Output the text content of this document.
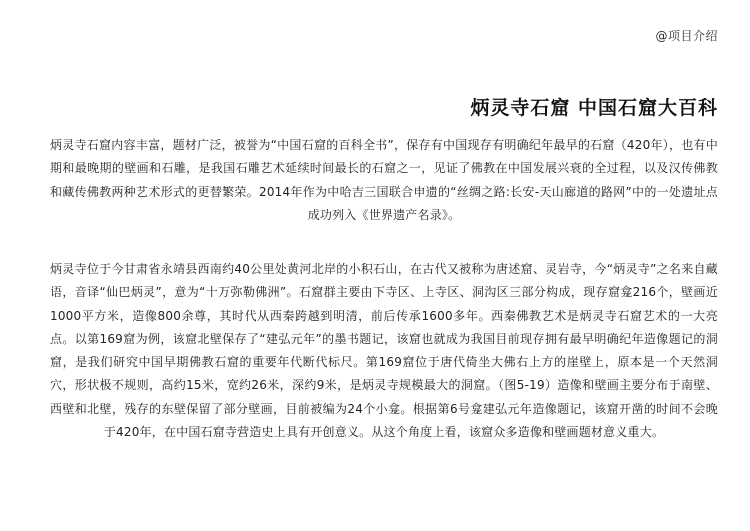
@项目介绍
炳灵寺石窟 中国石窟大百科

炳灵寺石窟内容丰富，题材广泛，被誉为“中国石窟的百科全书”，保存有中国现存有明确纪年最早的石窟（420年），也有中期和最晚期的壁画和石雕，是我国石雕艺术延续时间最长的石窟之一，见证了佛教在中国发展兴衰的全过程，以及汉传佛教和藏传佛教两种艺术形式的更替繁荣。2014年作为中哈吉三国联合申遗的“丝绸之路:长安-天山廊道的路网”中的一处遗址点成功列入《世界遗产名录》。

炳灵寺位于今甘肃省永靖县西南约40公里处黄河北岸的小积石山，在古代又被称为唐述窟、灵岩寺，今“炳灵寺”之名来自藏语，音译“仙巴炳灵”，意为“十万弥勒佛洲”。石窟群主要由下寺区、上寺区、洞沟区三部分构成，现存窟龛216个，壁画近1000平方米，造像800余尊，其时代从西秦跨越到明清，前后传承1600多年。西秦佛教艺术是炳灵寺石窟艺术的一大亮点。以第169窟为例，该窟北壁保存了“建弘元年”的墨书题记，该窟也就成为我国目前现存拥有最早明确纪年造像题记的洞窟，是我们研究中国早期佛教石窟的重要年代断代标尺。第169窟位于唐代倚坐大佛右上方的崖壁上，原本是一个天然洞穴，形状极不规则，高约15米，宽约26米，深约9米，是炳灵寺规模最大的洞窟。（图5-19）造像和壁画主要分布于南壁、西壁和北壁，残存的东壁保留了部分壁画，目前被编为24个小龛。根据第6号龛建弘元年造像题记，该窟开凿的时间不会晚于420年，在中国石窟寺营造史上具有开创意义。从这个角度上看，该窟众多造像和壁画题材意义重大。
